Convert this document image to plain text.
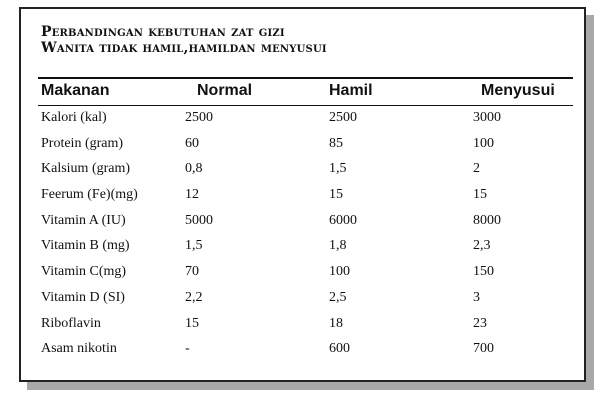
Perbandingan kebutuhan zat gizi
Wanita tidak hamil,hamildan menyusui
Makanan	Normal	Hamil	Menyusui
Kalori (kal)	2500	2500	3000
Protein (gram)	60	85	100
Kalsium (gram)	0,8	1,5	2
Feerum (Fe)(mg)	12	15	15
Vitamin A (IU)	5000	6000	8000
Vitamin B (mg)	1,5	1,8	2,3
Vitamin C(mg)	70	100	150
Vitamin D (SI)	2,2	2,5	3
Riboflavin	15	18	23
Asam nikotin	-	600	700
